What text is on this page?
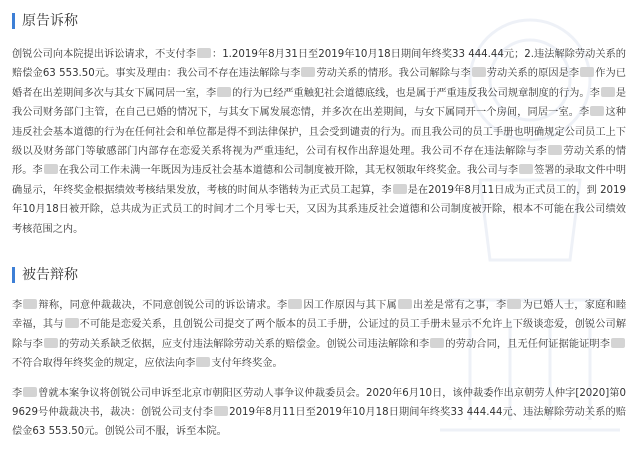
原告诉称

创锐公司向本院提出诉讼请求，不支付李 ：1.2019年8月31日至2019年10月18日期间年终奖33 444.44元；2.违法解除劳动关系的赔偿金63 553.50元。事实及理由：我公司不存在违法解除与李 劳动关系的情形。我公司解除与李 劳动关系的原因是李 作为已婚者在出差期间多次与其女下属同居一室，李 的行为已经严重触犯社会道德底线，也是属于严重违反我公司规章制度的行为。李 是我公司财务部门主管，在自己已婚的情况下，与其女下属发展恋情，并多次在出差期间，与女下属同开一个房间，同居一室。李 这种违反社会基本道德的行为在任何社会和单位都是得不到法律保护，且会受到谴责的行为。而且我公司的员工手册也明确规定公司员工上下级以及财务部门等敏感部门内部存在恋爱关系将视为严重违纪，公司有权作出辞退处理。我公司不存在违法解除与李 劳动关系的情形。李 在我公司工作未满一年既因为违反社会基本道德和公司制度被开除，其无权领取年终奖金。我公司与李 签署的录取文件中明确显示，年终奖金根据绩效考核结果发放，考核的时间从李锴转为正式员工起算，李 是在2019年8月11日成为正式员工的，到 2019 年10月18日被开除，总共成为正式员工的时间才二个月零七天，又因为其系违反社会道德和公司制度被开除，根本不可能在我公司绩效考核范围之内。

被告辩称

李 辩称，同意仲裁裁决，不同意创锐公司的诉讼请求。李 因工作原因与其下属 出差是常有之事，李 为已婚人士，家庭和睦幸福，其与 不可能是恋爱关系，且创锐公司提交了两个版本的员工手册，公证过的员工手册未显示不允许上下级谈恋爱，创锐公司解除与李 的劳动关系缺乏依据，应支付违法解除劳动关系的赔偿金。创锐公司违法解除和李 的劳动合同，且无任何证据能证明李不符合取得年终奖金的规定，应依法向李 支付年终奖金。

李 曾就本案争议将创锐公司申诉至北京市朝阳区劳动人事争议仲裁委员会。2020年6月10日，该仲裁委作出京朝劳人仲字[2020]第09629号仲裁裁决书，裁决：创锐公司支付李 2019年8月11日至2019年10月18日期间年终奖33 444.44元、违法解除劳动关系的赔偿金63 553.50元。创锐公司不服，诉至本院。
